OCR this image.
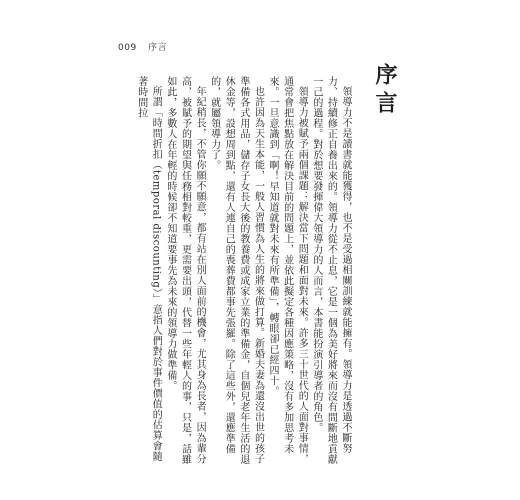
009 序言
序言

領導力不是讀書就能獲得，也不是受過相關訓練就能擁有。領導力是透過不斷努力、持續修正自養出來的。領導力從不止息，它是一個為美好將來而沒有間斷地貢獻一己的過程。對於想要發揮偉大領導力的人而言，本書能扮演引導者的角色。

領導力被賦予兩個課題：解決當下問題和面對未來。許多三十世代的人面對事情，通常會把焦點放在解決目前的問題上，並依此擬定各種因應策略，沒有多加思考未來。一旦意識到「啊！早知道就對未來有所準備」，轉眼卻已經四十。

也許因為天生本能，一般人習慣為人生的將來做打算。新婚夫妻為還沒出世的孩子準備各式用品，儲存子女長大後的教養費或成家立業的準備金，自個兒老年生活的退休金等，設想周到點，還有人連自己的喪葬費都事先張羅。除了這些外，還應準備的，就屬領導力了。

年紀稍長，不管你願不願意，都有站在別人面前的機會，尤其身為長者，因為輩分高，被賦予的期望與任務相對較重，更需要出頭，代替一些年輕人的事，只是，話雖如此，多數人在年輕的時候卻不知道要事先為未來的領導力做準備。

所謂「時間折扣（temporal discounting）」意指人們對於事件價值的估算會隨著時間拉
